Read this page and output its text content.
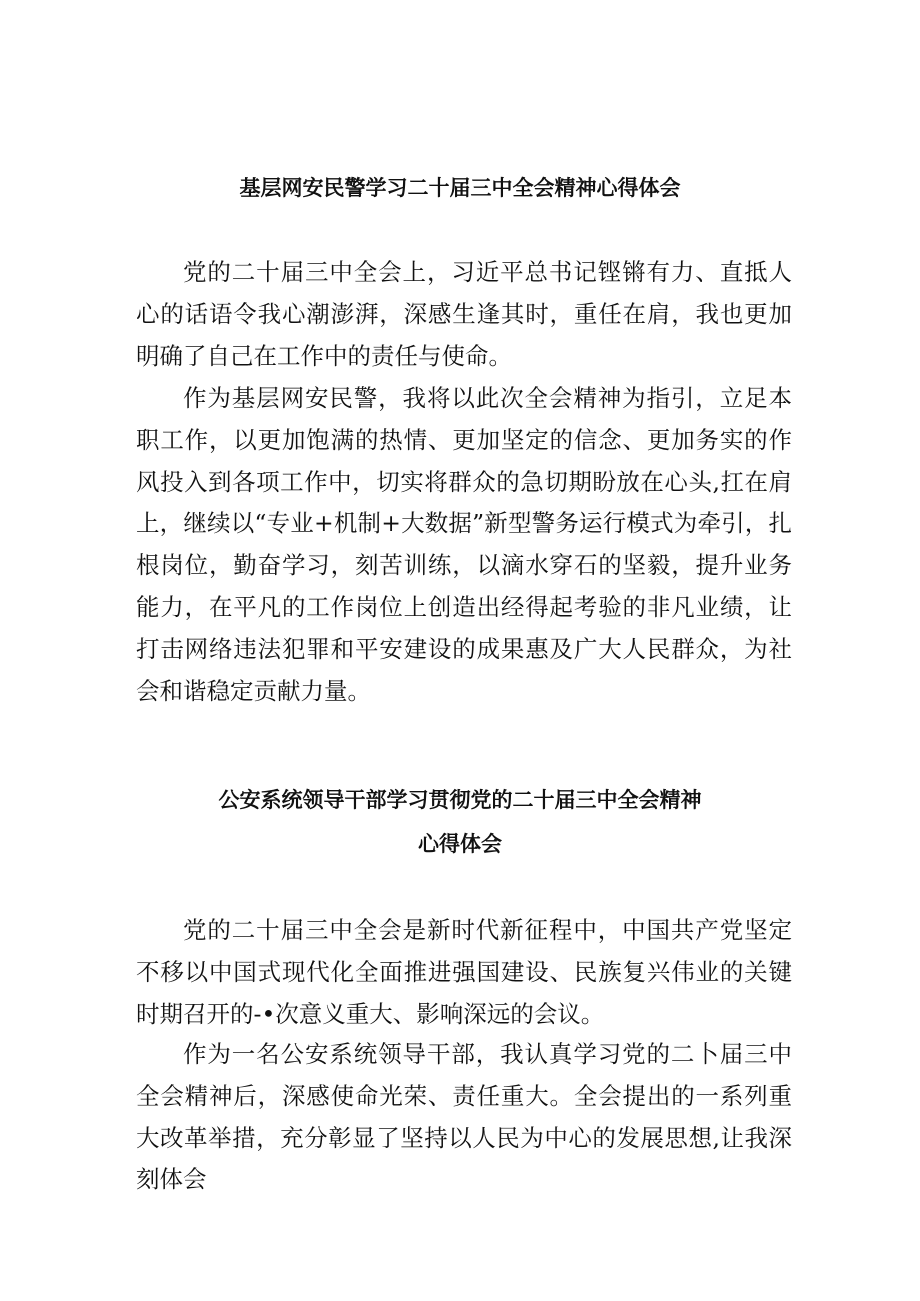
基层网安民警学习二十届三中全会精神心得体会

党的二十届三中全会上，习近平总书记铿锵有力、直抵人心的话语令我心潮澎湃，深感生逢其时，重任在肩，我也更加明确了自己在工作中的责任与使命。

作为基层网安民警，我将以此次全会精神为指引，立足本职工作，以更加饱满的热情、更加坚定的信念、更加务实的作风投入到各项工作中，切实将群众的急切期盼放在心头,扛在肩上，继续以“专业+机制+大数据”新型警务运行模式为牵引，扎根岗位，勤奋学习，刻苦训练，以滴水穿石的坚毅，提升业务能力，在平凡的工作岗位上创造出经得起考验的非凡业绩，让打击网络违法犯罪和平安建设的成果惠及广大人民群众，为社会和谐稳定贡献力量。

公安系统领导干部学习贯彻党的二十届三中全会精神
心得体会

党的二十届三中全会是新时代新征程中，中国共产党坚定不移以中国式现代化全面推进强国建设、民族复兴伟业的关键时期召开的-•次意义重大、影响深远的会议。

作为一名公安系统领导干部，我认真学习党的二卜届三中全会精神后，深感使命光荣、责任重大。全会提出的一系列重大改革举措，充分彰显了坚持以人民为中心的发展思想,让我深刻体会
